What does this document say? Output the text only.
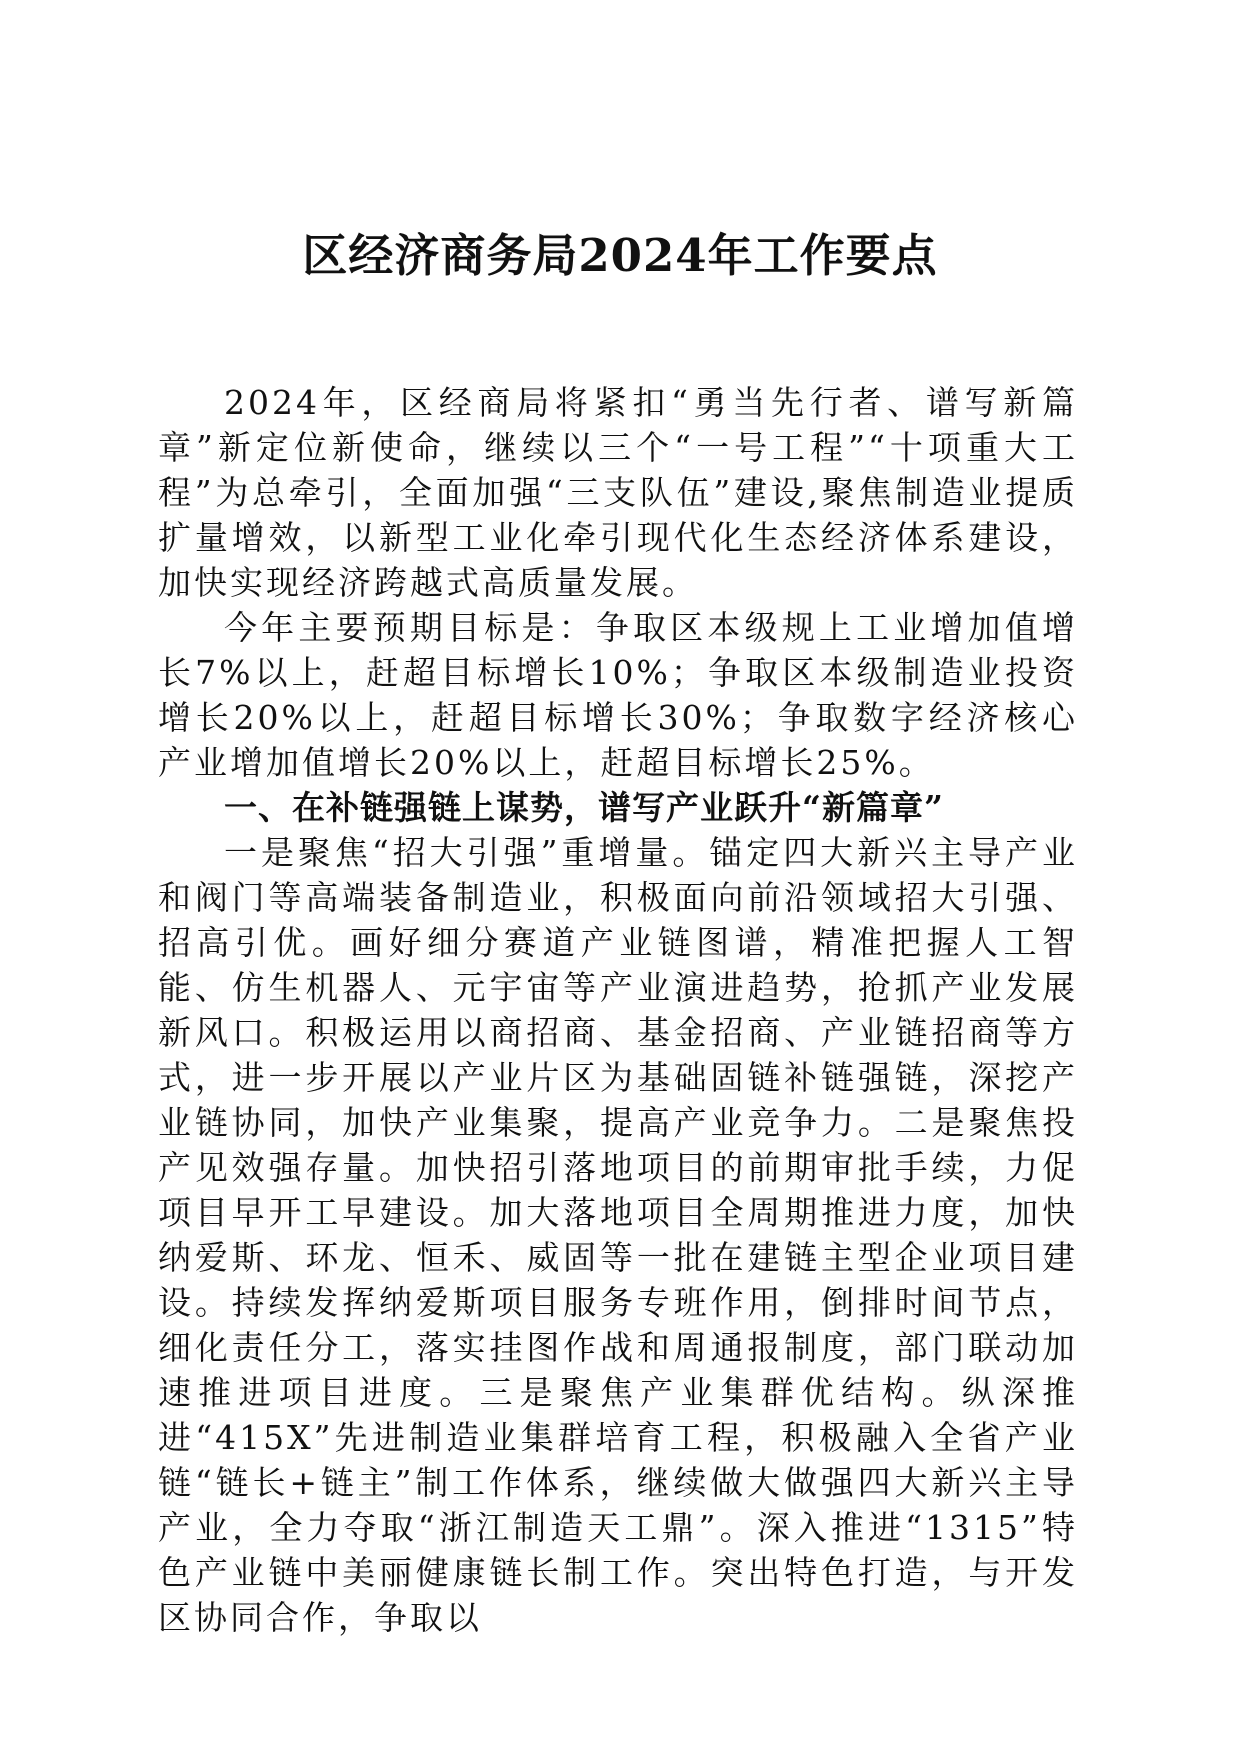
区经济商务局2024年工作要点

2024年，区经商局将紧扣“勇当先行者、谱写新篇章”新定位新使命，继续以三个“一号工程”“十项重大工程”为总牵引，全面加强“三支队伍”建设,聚焦制造业提质扩量增效，以新型工业化牵引现代化生态经济体系建设，加快实现经济跨越式高质量发展。

今年主要预期目标是：争取区本级规上工业增加值增长7%以上，赶超目标增长10%；争取区本级制造业投资增长20%以上，赶超目标增长30%；争取数字经济核心产业增加值增长20%以上，赶超目标增长25%。

一、在补链强链上谋势，谱写产业跃升“新篇章”

一是聚焦“招大引强”重增量。锚定四大新兴主导产业和阀门等高端装备制造业，积极面向前沿领域招大引强、招高引优。画好细分赛道产业链图谱，精准把握人工智能、仿生机器人、元宇宙等产业演进趋势，抢抓产业发展新风口。积极运用以商招商、基金招商、产业链招商等方式，进一步开展以产业片区为基础固链补链强链，深挖产业链协同，加快产业集聚，提高产业竞争力。二是聚焦投产见效强存量。加快招引落地项目的前期审批手续，力促项目早开工早建设。加大落地项目全周期推进力度，加快纳爱斯、环龙、恒禾、威固等一批在建链主型企业项目建设。持续发挥纳爱斯项目服务专班作用，倒排时间节点，细化责任分工，落实挂图作战和周通报制度，部门联动加速推进项目进度。三是聚焦产业集群优结构。纵深推进“415X”先进制造业集群培育工程，积极融入全省产业链“链长+链主”制工作体系，继续做大做强四大新兴主导产业，全力夺取“浙江制造天工鼎”。深入推进“1315”特色产业链中美丽健康链长制工作。突出特色打造，与开发区协同合作，争取以
